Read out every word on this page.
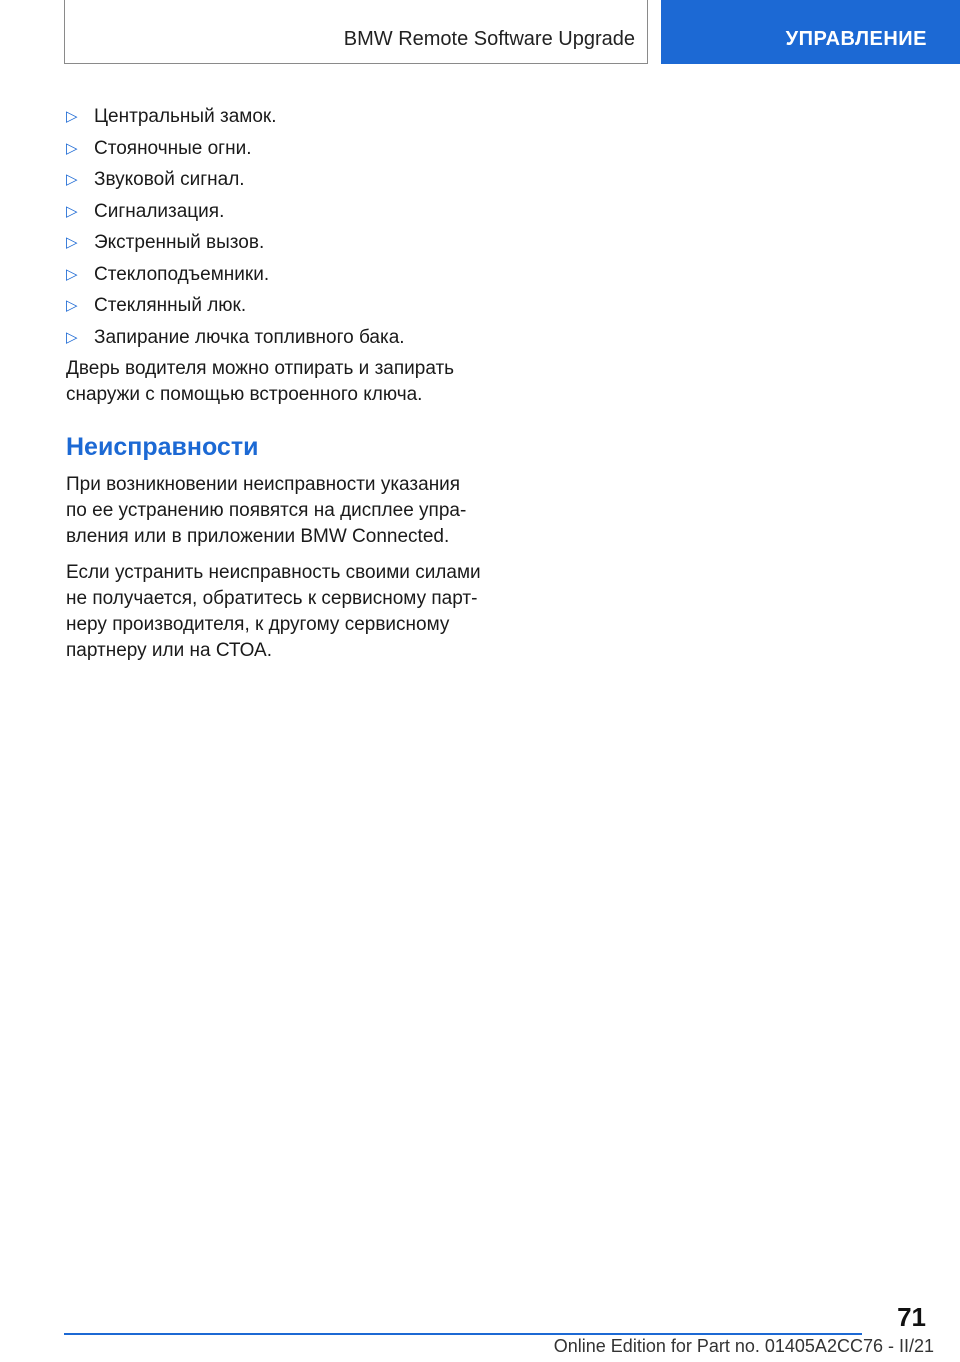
BMW Remote Software Upgrade	УПРАВЛЕНИЕ
▷ Центральный замок.
▷ Стояночные огни.
▷ Звуковой сигнал.
▷ Сигнализация.
▷ Экстренный вызов.
▷ Стеклоподъемники.
▷ Стеклянный люк.
▷ Запирание лючка топливного бака.

Дверь водителя можно отпирать и запирать снаружи с помощью встроенного ключа.

Неисправности

При возникновении неисправности указания по ее устранению появятся на дисплее упра-вления или в приложении BMW Connected.

Если устранить неисправность своими силами не получается, обратитесь к сервисному парт-неру производителя, к другому сервисному партнеру или на СТОА.

71
Online Edition for Part no. 01405A2CC76 - II/21
